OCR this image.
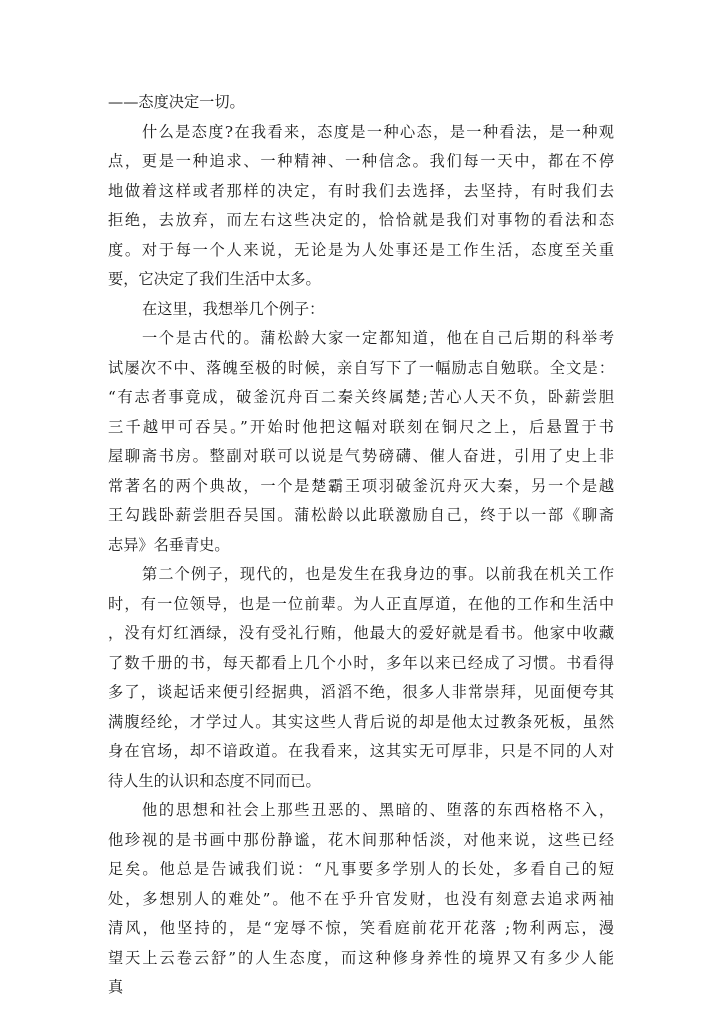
——态度决定一切。
什么是态度?在我看来，态度是一种心态，是一种看法，是一种观
点，更是一种追求、一种精神、一种信念。我们每一天中，都在不停
地做着这样或者那样的决定，有时我们去选择，去坚持，有时我们去
拒绝，去放弃，而左右这些决定的，恰恰就是我们对事物的看法和态
度。对于每一个人来说，无论是为人处事还是工作生活，态度至关重
要，它决定了我们生活中太多。
在这里，我想举几个例子：
一个是古代的。蒲松龄大家一定都知道，他在自己后期的科举考
试屡次不中、落魄至极的时候，亲自写下了一幅励志自勉联。全文是：
“有志者事竟成，破釜沉舟百二秦关终属楚;苦心人天不负，卧薪尝胆
三千越甲可吞吴。”开始时他把这幅对联刻在铜尺之上，后悬置于书
屋聊斋书房。整副对联可以说是气势磅礴、催人奋进，引用了史上非
常著名的两个典故，一个是楚霸王项羽破釜沉舟灭大秦，另一个是越
王勾践卧薪尝胆吞吴国。蒲松龄以此联激励自己，终于以一部《聊斋
志异》名垂青史。
第二个例子，现代的，也是发生在我身边的事。以前我在机关工作
时，有一位领导，也是一位前辈。为人正直厚道，在他的工作和生活中
，没有灯红酒绿，没有受礼行贿，他最大的爱好就是看书。他家中收藏
了数千册的书，每天都看上几个小时，多年以来已经成了习惯。书看得
多了，谈起话来便引经据典，滔滔不绝，很多人非常崇拜，见面便夸其
满腹经纶，才学过人。其实这些人背后说的却是他太过教条死板，虽然
身在官场，却不谙政道。在我看来，这其实无可厚非，只是不同的人对
待人生的认识和态度不同而已。
他的思想和社会上那些丑恶的、黑暗的、堕落的东西格格不入，
他珍视的是书画中那份静谧，花木间那种恬淡，对他来说，这些已经
足矣。他总是告诫我们说：“凡事要多学别人的长处，多看自己的短
处，多想别人的难处”。他不在乎升官发财，也没有刻意去追求两袖
清风，他坚持的，是“宠辱不惊，笑看庭前花开花落 ;物利两忘，漫
望天上云卷云舒”的人生态度，而这种修身养性的境界又有多少人能
真
